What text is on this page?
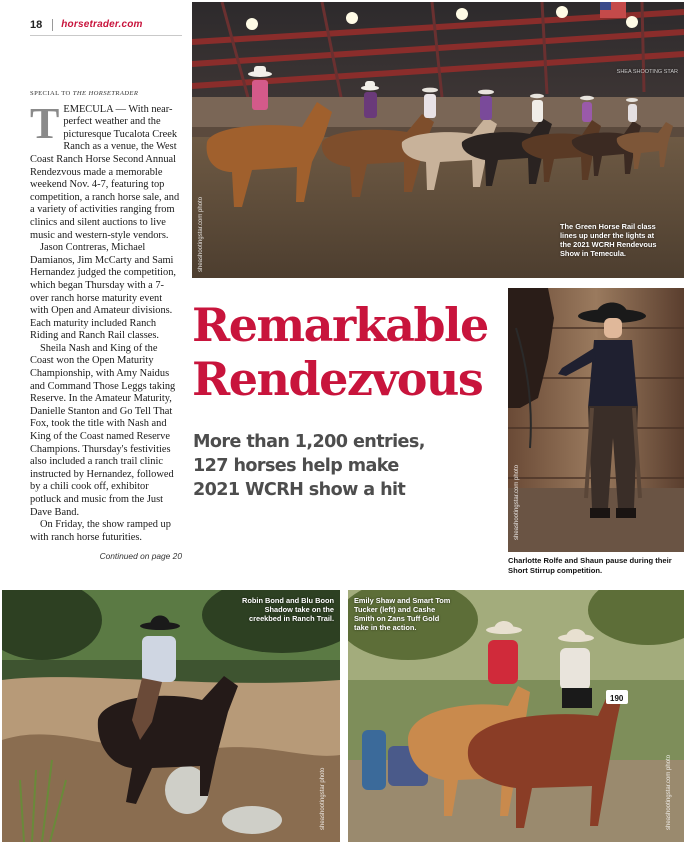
18 horsetrader.com
SPECIAL TO THE HORSETRADER

TEMECULA — With near-perfect weather and the picturesque Tucalota Creek Ranch as a venue, the West Coast Ranch Horse Second Annual Rendezvous made a memorable weekend Nov. 4-7, featuring top competition, a ranch horse sale, and a variety of activities ranging from clinics and silent auctions to live music and western-style vendors.

Jason Contreras, Michael Damianos, Jim McCarty and Sami Hernandez judged the competition, which began Thursday with a 7-over ranch horse maturity event with Open and Amateur divisions. Each maturity included Ranch Riding and Ranch Rail classes.

Sheila Nash and King of the Coast won the Open Maturity Championship, with Amy Naidus and Command Those Leggs taking Reserve. In the Amateur Maturity, Danielle Stanton and Go Tell That Fox, took the title with Nash and King of the Coast named Reserve Champions. Thursday's festivities also included a ranch trail clinic instructed by Hernandez, followed by a chili cook off, exhibitor potluck and music from the Just Dave Band.

On Friday, the show ramped up with ranch horse futurities.

Continued on page 20
SHEA SHOOTING STAR
sheashootingstar.com photo	The Green Horse Rail class
lines up under the lights at
the 2021 WCRH Rendevous
Show in Temecula.
Remarkable
Rendezvous
More than 1,200 entries,
127 horses help make
2021 WCRH show a hit	sheashootingstar.com photo
Charlotte Rolfe and Shaun pause during their Short Stirrup competition.
sheashootingstar photo
Robin Bond and Blu Boon
Shadow take on the
creekbed in Ranch Trail.
190
sheashootingstar.com photo
Emily Shaw and Smart Tom
Tucker (left) and Cashe
Smith on Zans Tuff Gold
take in the action.
